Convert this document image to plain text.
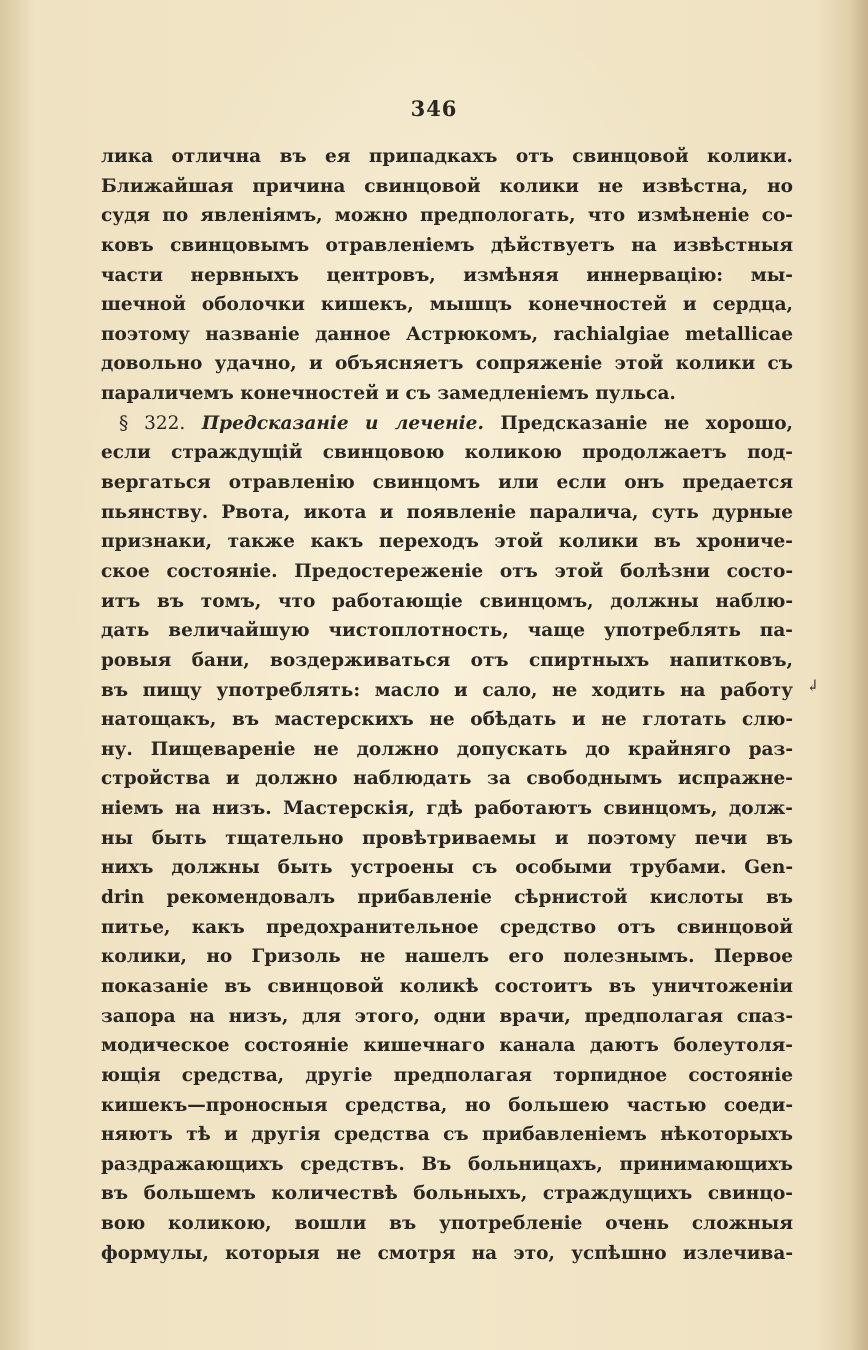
346
лика отлична въ ея припадкахъ отъ свинцовой колики.
Ближайшая причина свинцовой колики не извѣстна, но
судя по явленiямъ, можно предпологать, что измѣненiе со-
ковъ свинцовымъ отравленiемъ дѣйствуетъ на извѣстныя
части нервныхъ центровъ, измѣняя иннервацiю: мы-
шечной оболочки кишекъ, мышцъ конечностей и сердца,
поэтому названiе данное Астрюкомъ, rachialgiae metallicae
довольно удачно, и объясняетъ сопряженiе этой колики съ
параличемъ конечностей и съ замедленiемъ пульса.
§ 322. Предсказанiе и леченiе. Предсказанiе не хорошо,
если страждущiй свинцовою коликою продолжаетъ под-
вергаться отравленiю свинцомъ или если онъ предается
пьянству. Рвота, икота и появленiе паралича, суть дурные
признаки, также какъ переходъ этой колики въ хрониче-
ское состоянiе. Предостереженiе отъ этой болѣзни состо-
итъ въ томъ, что работающiе свинцомъ, должны наблю-
дать величайшую чистоплотность, чаще употреблять па-
ровыя бани, воздерживаться отъ спиртныхъ напитковъ,
въ пищу употреблять: масло и сало, не ходить на работу
натощакъ, въ мастерскихъ не обѣдать и не глотать слю-
ну. Пищеваренiе не должно допускать до крайняго раз-
стройства и должно наблюдать за свободнымъ испражне-
нiемъ на низъ. Мастерскiя, гдѣ работаютъ свинцомъ, долж-
ны быть тщательно провѣтриваемы и поэтому печи въ
нихъ должны быть устроены съ особыми трубами. Gen-
drin рекомендовалъ прибавленiе сѣрнистой кислоты въ
питье, какъ предохранительное средство отъ свинцовой
колики, но Гризоль не нашелъ его полезнымъ. Первое
показанiе въ свинцовой коликѣ состоитъ въ уничтоженiи
запора на низъ, для этого, одни врачи, предполагая спаз-
модическое состоянiе кишечнаго канала даютъ болеутоля-
ющiя средства, другiе предполагая торпидное состоянiе
кишекъ—проносныя средства, но большею частью соеди-
няютъ тѣ и другiя средства съ прибавленiемъ нѣкоторыхъ
раздражающихъ средствъ. Въ больницахъ, принимающихъ
въ большемъ количествѣ больныхъ, страждущихъ свинцо-
вою коликою, вошли въ употребленiе очень сложныя
формулы, которыя не смотря на это, успѣшно излечива-
↲
